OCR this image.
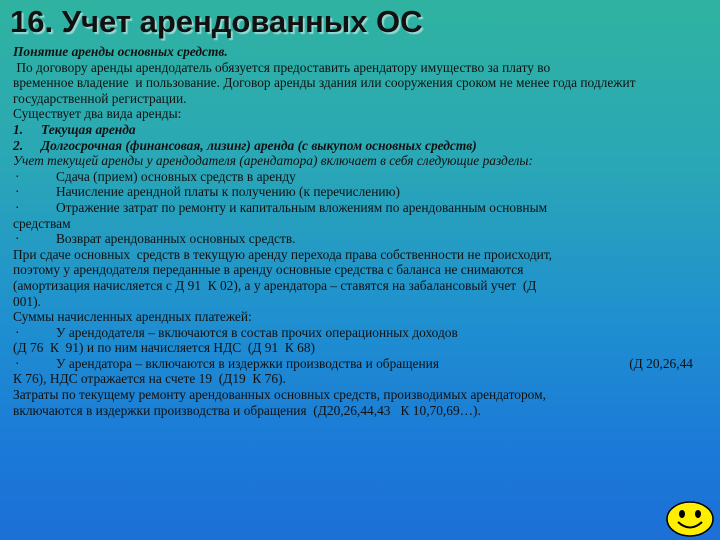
16. Учет арендованных ОС

Понятие аренды основных средств.

По договору аренды арендодатель обязуется предоставить арендатору имущество за плату во

временное владение  и пользование. Договор аренды здания или сооружения сроком не менее года подлежит

государственной регистрации.

Существует два вида аренды:

1. Текущая аренда

2. Долгосрочная (финансовая, лизинг) аренда (с выкупом основных средств)

Учет текущей аренды у арендодателя (арендатора) включает в себя следующие разделы:

·	Сдача (прием) основных средств в аренду

·	Начисление арендной платы к получению (к перечислению)

·	Отражение затрат по ремонту и капитальным вложениям по арендованным основным

средствам

·	Возврат арендованных основных средств.

При сдаче основных  средств в текущую аренду перехода права собственности не происходит,

поэтому у арендодателя переданные в аренду основные средства с баланса не снимаются

(амортизация начисляется с Д 91  К 02), а у арендатора – ставятся на забалансовый учет  (Д

001).

Суммы начисленных арендных платежей:

·	У арендодателя – включаются в состав прочих операционных доходов

(Д 76  К  91) и по ним начисляется НДС  (Д 91  К 68)

·	У арендатора – включаются в издержки производства и обращения	(Д 20,26,44

К 76), НДС отражается на счете 19  (Д19  К 76).

Затраты по текущему ремонту арендованных основных средств, производимых арендатором,

включаются в издержки производства и обращения  (Д20,26,44,43   К 10,70,69…).
